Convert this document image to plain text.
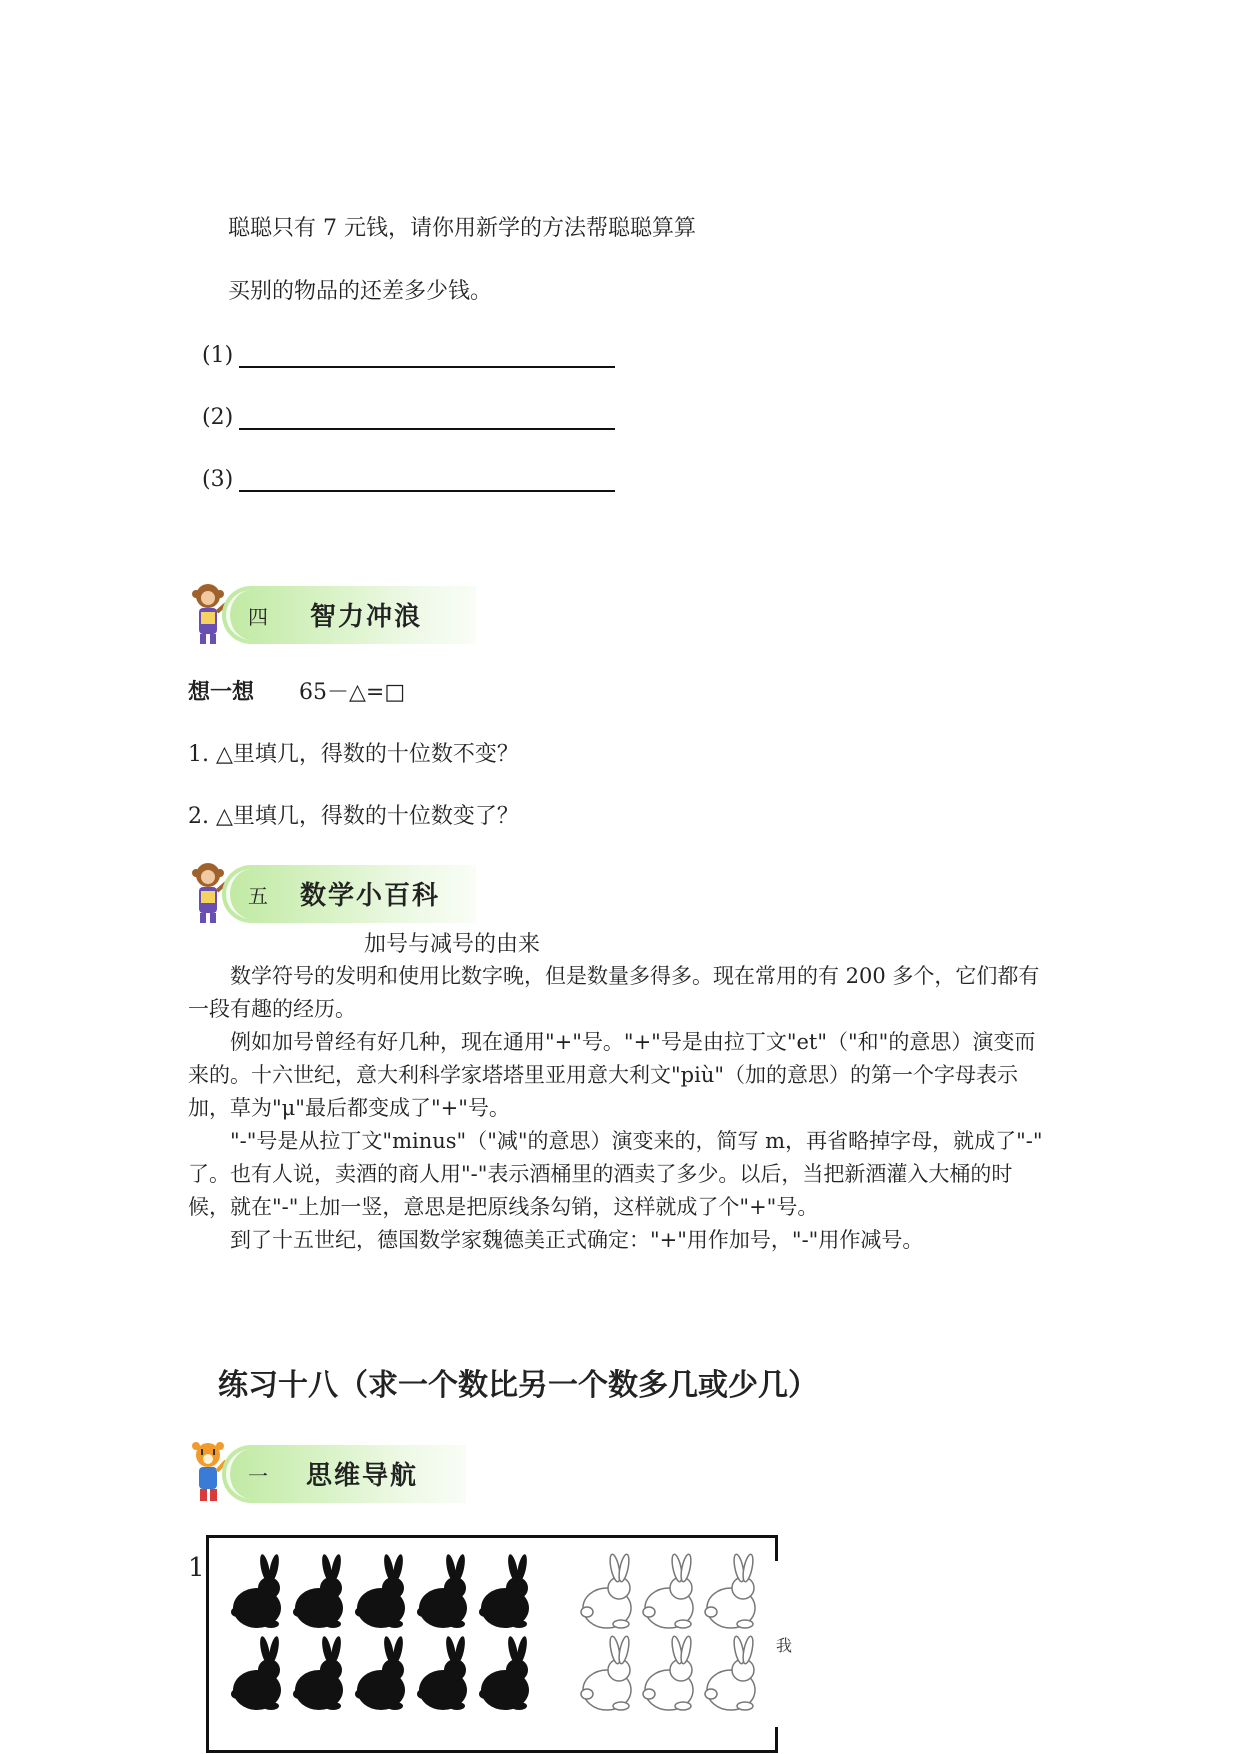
聪聪只有 7 元钱，请你用新学的方法帮聪聪算算
买别的物品的还差多少钱。
(1)
(2)
(3)
四 智力冲浪
想一想 65－△=□
1. △里填几，得数的十位数不变？
2. △里填几，得数的十位数变了？
五 数学小百科
加号与减号的由来

数学符号的发明和使用比数字晚，但是数量多得多。现在常用的有 200 多个，它们都有

一段有趣的经历。

例如加号曾经有好几种，现在通用"+"号。"+"号是由拉丁文"et"（"和"的意思）演变而

来的。十六世纪，意大利科学家塔塔里亚用意大利文"più"（加的意思）的第一个字母表示

加，草为"μ"最后都变成了"+"号。

"-"号是从拉丁文"minus"（"减"的意思）演变来的，简写 m，再省略掉字母，就成了"-"

了。也有人说，卖酒的商人用"-"表示酒桶里的酒卖了多少。以后，当把新酒灌入大桶的时

候，就在"-"上加一竖，意思是把原线条勾销，这样就成了个"+"号。

到了十五世纪，德国数学家魏德美正式确定："+"用作加号，"-"用作减号。

练习十八（求一个数比另一个数多几或少几）
一 思维导航
1
我
